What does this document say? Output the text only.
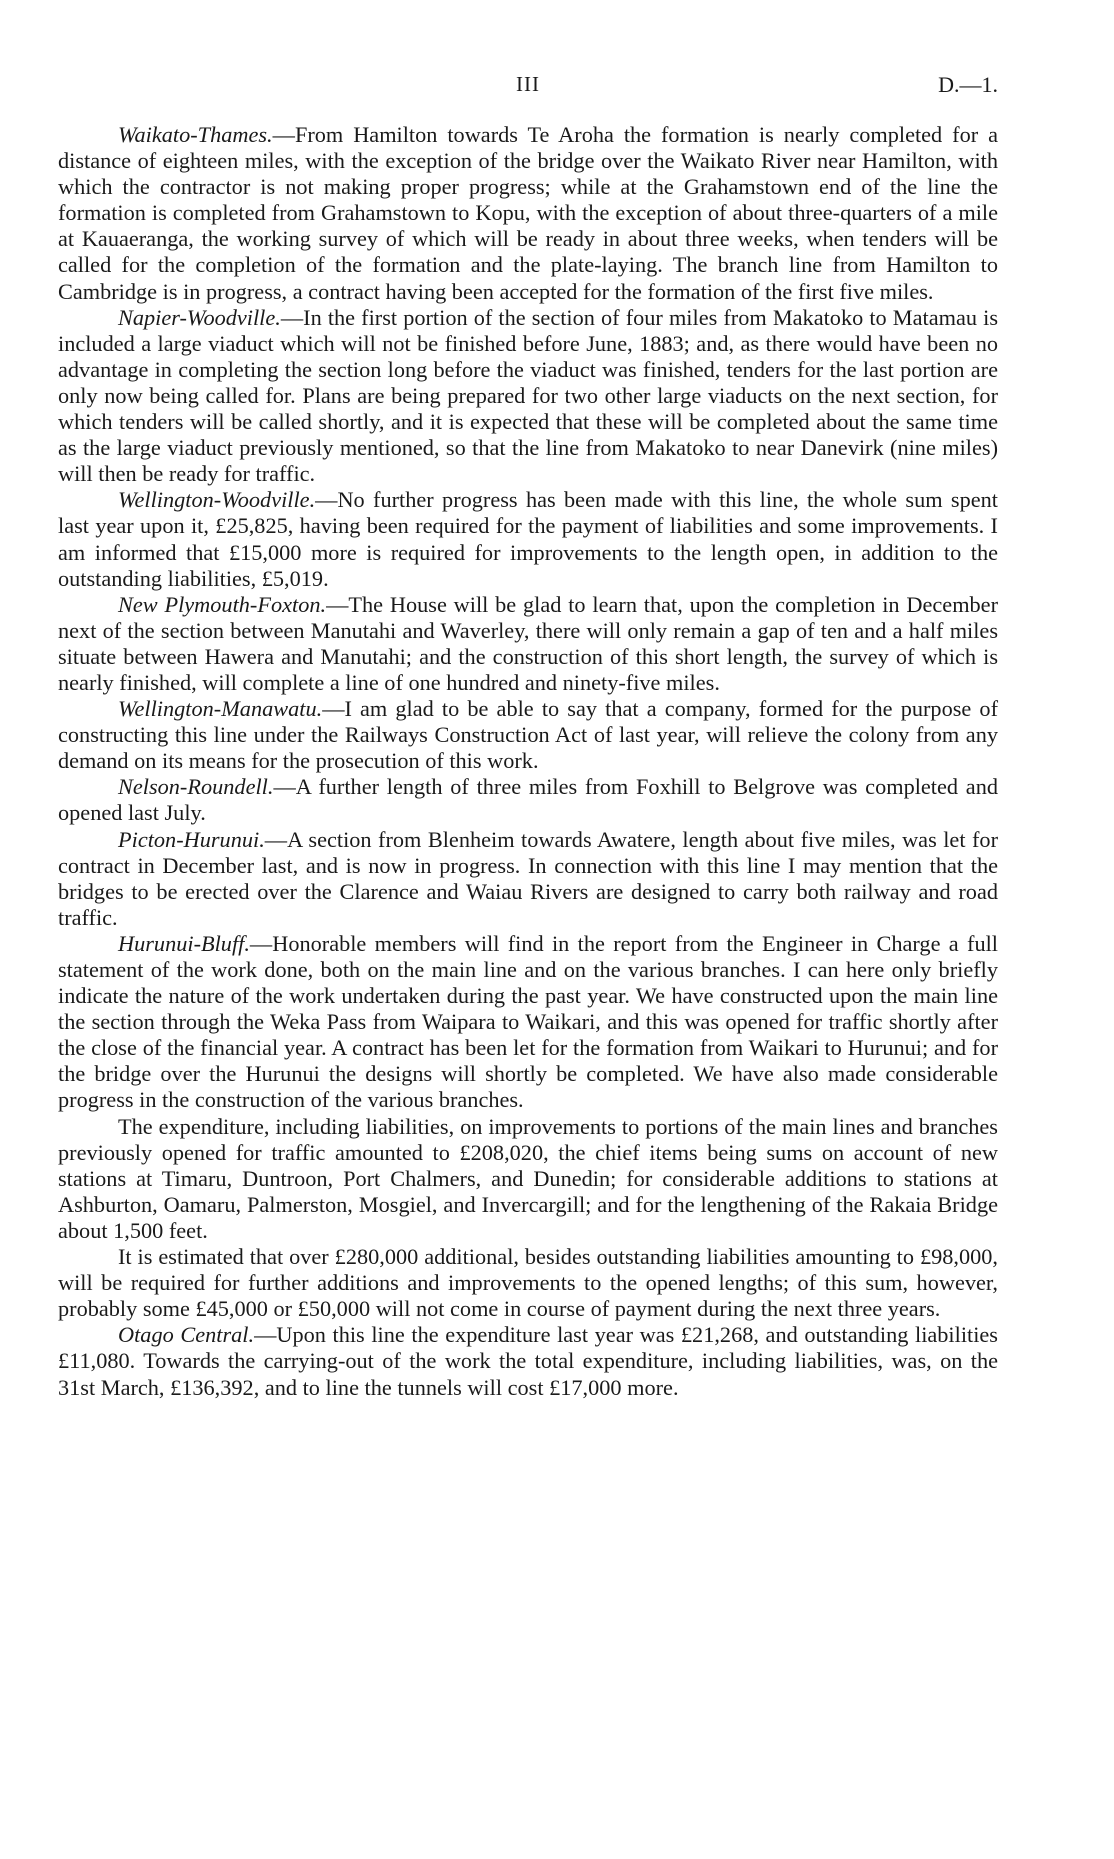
III	D.—1.

Waikato-Thames.—From Hamilton towards Te Aroha the formation is nearly completed for a distance of eighteen miles, with the exception of the bridge over the Waikato River near Hamilton, with which the contractor is not making proper progress; while at the Grahamstown end of the line the formation is completed from Grahamstown to Kopu, with the exception of about three-quarters of a mile at Kauaeranga, the working survey of which will be ready in about three weeks, when tenders will be called for the completion of the formation and the plate-laying. The branch line from Hamilton to Cambridge is in progress, a contract having been accepted for the formation of the first five miles.

Napier-Woodville.—In the first portion of the section of four miles from Makatoko to Matamau is included a large viaduct which will not be finished before June, 1883; and, as there would have been no advantage in completing the section long before the viaduct was finished, tenders for the last portion are only now being called for. Plans are being prepared for two other large viaducts on the next section, for which tenders will be called shortly, and it is expected that these will be completed about the same time as the large viaduct previously mentioned, so that the line from Makatoko to near Danevirk (nine miles) will then be ready for traffic.

Wellington-Woodville.—No further progress has been made with this line, the whole sum spent last year upon it, £25,825, having been required for the payment of liabilities and some improvements. I am informed that £15,000 more is required for improvements to the length open, in addition to the outstanding liabilities, £5,019.

New Plymouth-Foxton.—The House will be glad to learn that, upon the completion in December next of the section between Manutahi and Waverley, there will only remain a gap of ten and a half miles situate between Hawera and Manutahi; and the construction of this short length, the survey of which is nearly finished, will complete a line of one hundred and ninety-five miles.

Wellington-Manawatu.—I am glad to be able to say that a company, formed for the purpose of constructing this line under the Railways Construction Act of last year, will relieve the colony from any demand on its means for the prosecution of this work.

Nelson-Roundell.—A further length of three miles from Foxhill to Belgrove was completed and opened last July.

Picton-Hurunui.—A section from Blenheim towards Awatere, length about five miles, was let for contract in December last, and is now in progress. In connection with this line I may mention that the bridges to be erected over the Clarence and Waiau Rivers are designed to carry both railway and road traffic.

Hurunui-Bluff.—Honorable members will find in the report from the Engineer in Charge a full statement of the work done, both on the main line and on the various branches. I can here only briefly indicate the nature of the work undertaken during the past year. We have constructed upon the main line the section through the Weka Pass from Waipara to Waikari, and this was opened for traffic shortly after the close of the financial year. A contract has been let for the formation from Waikari to Hurunui; and for the bridge over the Hurunui the designs will shortly be completed. We have also made considerable progress in the construction of the various branches.

The expenditure, including liabilities, on improvements to portions of the main lines and branches previously opened for traffic amounted to £208,020, the chief items being sums on account of new stations at Timaru, Duntroon, Port Chalmers, and Dunedin; for considerable additions to stations at Ashburton, Oamaru, Palmerston, Mosgiel, and Invercargill; and for the lengthening of the Rakaia Bridge about 1,500 feet.

It is estimated that over £280,000 additional, besides outstanding liabilities amounting to £98,000, will be required for further additions and improvements to the opened lengths; of this sum, however, probably some £45,000 or £50,000 will not come in course of payment during the next three years.

Otago Central.—Upon this line the expenditure last year was £21,268, and outstanding liabilities £11,080. Towards the carrying-out of the work the total expenditure, including liabilities, was, on the 31st March, £136,392, and to line the tunnels will cost £17,000 more.
